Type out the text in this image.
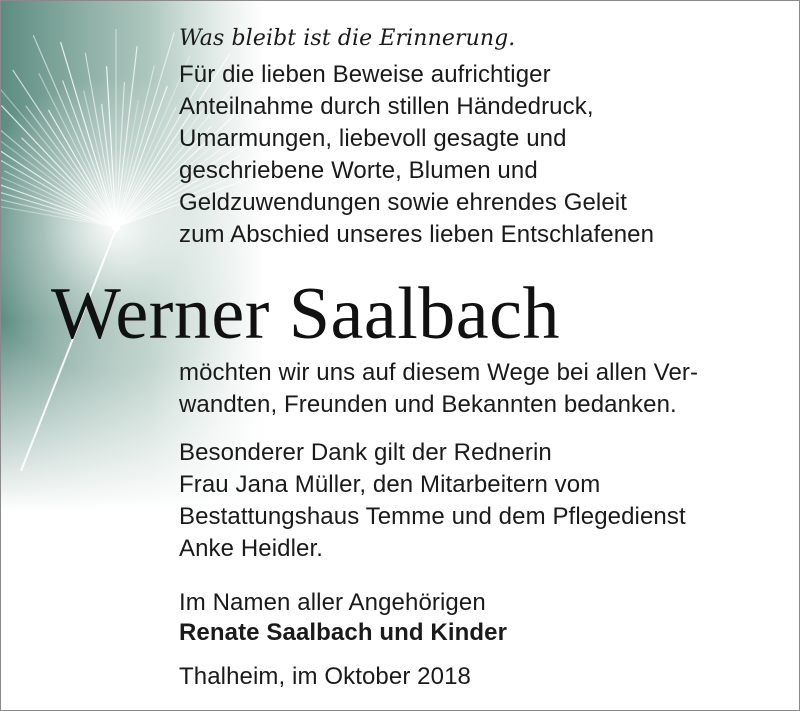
Was bleibt ist die Erinnerung.
Für die lieben Beweise aufrichtiger
Anteilnahme durch stillen Händedruck,
Umarmungen, liebevoll gesagte und
geschriebene Worte, Blumen und
Geldzuwendungen sowie ehrendes Geleit
zum Abschied unseres lieben Entschlafenen
möchten wir uns auf diesem Wege bei allen Ver-
wandten, Freunden und Bekannten bedanken.
Besonderer Dank gilt der Rednerin
Frau Jana Müller, den Mitarbeitern vom
Bestattungshaus Temme und dem Pflegedienst
Anke Heidler.
Im Namen aller Angehörigen
Renate Saalbach und Kinder
Thalheim, im Oktober 2018
Werner Saalbach
